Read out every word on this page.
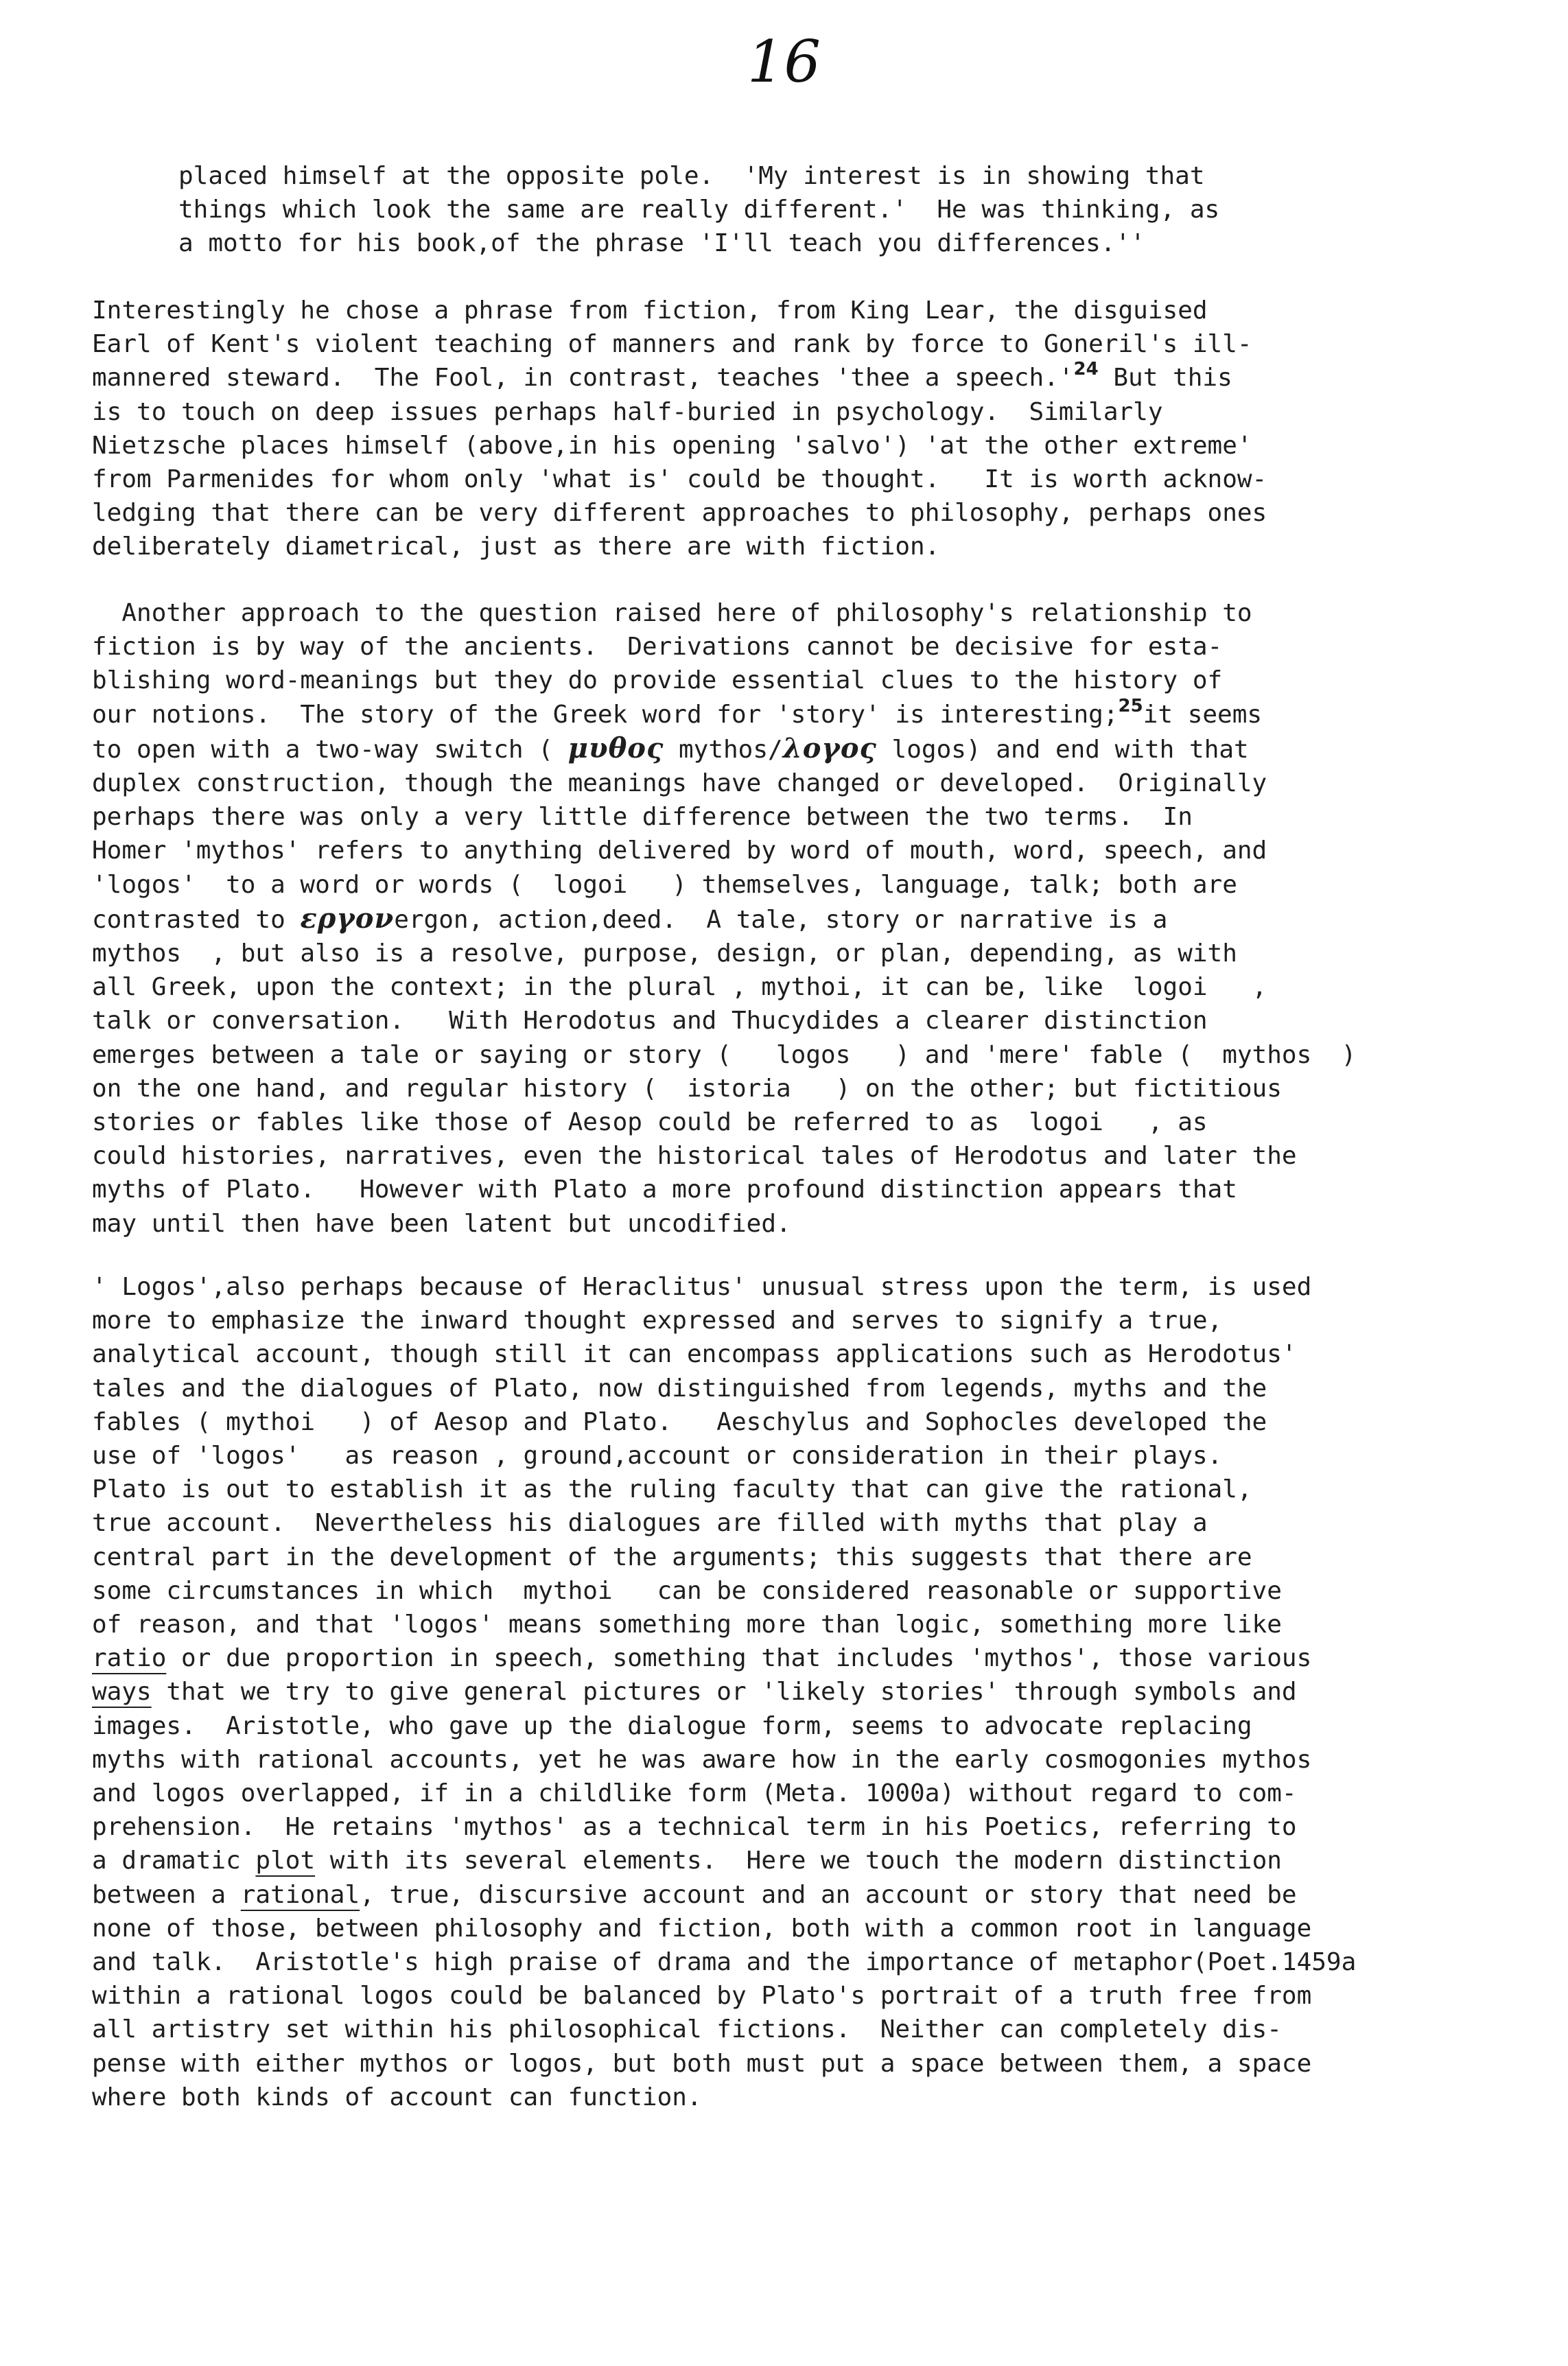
16
placed himself at the opposite pole.  'My interest is in showing that
things which look the same are really different.'  He was thinking, as
a motto for his book,of the phrase 'I'll teach you differences.''
Interestingly he chose a phrase from fiction, from King Lear, the disguised
Earl of Kent's violent teaching of manners and rank by force to Goneril's ill-
mannered steward.  The Fool, in contrast, teaches 'thee a speech.'$^{24}$ But this
is to touch on deep issues perhaps half-buried in psychology.  Similarly
Nietzsche places himself (above,in his opening 'salvo') 'at the other extreme'
from Parmenides for whom only 'what is' could be thought.   It is worth acknow-
ledging that there can be very different approaches to philosophy, perhaps ones
deliberately diametrical, just as there are with fiction.
Another approach to the question raised here of philosophy's relationship to
fiction is by way of the ancients.  Derivations cannot be decisive for esta-
blishing word-meanings but they do provide essential clues to the history of
our notions.  The story of the Greek word for 'story' is interesting;$^{25}$it seems
to open with a two-way switch ( μυθος mythos/λογος logos) and end with that
duplex construction, though the meanings have changed or developed.  Originally
perhaps there was only a very little difference between the two terms.  In
Homer 'mythos' refers to anything delivered by word of mouth, word, speech, and
'logos'  to a word or words (  logoi   ) themselves, language, talk; both are
contrasted to εργονergon, action,deed.  A tale, story or narrative is a
mythos  , but also is a resolve, purpose, design, or plan, depending, as with
all Greek, upon the context; in the plural , mythoi, it can be, like  logoi   ,
talk or conversation.   With Herodotus and Thucydides a clearer distinction
emerges between a tale or saying or story (   logos   ) and 'mere' fable (  mythos  )
on the one hand, and regular history (  istoria   ) on the other; but fictitious
stories or fables like those of Aesop could be referred to as  logoi   , as
could histories, narratives, even the historical tales of Herodotus and later the
myths of Plato.   However with Plato a more profound distinction appears that
may until then have been latent but uncodified.
' Logos',also perhaps because of Heraclitus' unusual stress upon the term, is used
more to emphasize the inward thought expressed and serves to signify a true,
analytical account, though still it can encompass applications such as Herodotus'
tales and the dialogues of Plato, now distinguished from legends, myths and the
fables ( mythoi   ) of Aesop and Plato.   Aeschylus and Sophocles developed the
use of 'logos'   as reason , ground,account or consideration in their plays.
Plato is out to establish it as the ruling faculty that can give the rational,
true account.  Nevertheless his dialogues are filled with myths that play a
central part in the development of the arguments; this suggests that there are
some circumstances in which  mythoi   can be considered reasonable or supportive
of reason, and that 'logos' means something more than logic, something more like
ratio or due proportion in speech, something that includes 'mythos', those various
ways that we try to give general pictures or 'likely stories' through symbols and
images.  Aristotle, who gave up the dialogue form, seems to advocate replacing
myths with rational accounts, yet he was aware how in the early cosmogonies mythos
and logos overlapped, if in a childlike form (Meta. 1000a) without regard to com-
prehension.  He retains 'mythos' as a technical term in his Poetics, referring to
a dramatic plot with its several elements.  Here we touch the modern distinction
between a rational, true, discursive account and an account or story that need be
none of those, between philosophy and fiction, both with a common root in language
and talk.  Aristotle's high praise of drama and the importance of metaphor(Poet.1459a
within a rational logos could be balanced by Plato's portrait of a truth free from
all artistry set within his philosophical fictions.  Neither can completely dis-
pense with either mythos or logos, but both must put a space between them, a space
where both kinds of account can function.
